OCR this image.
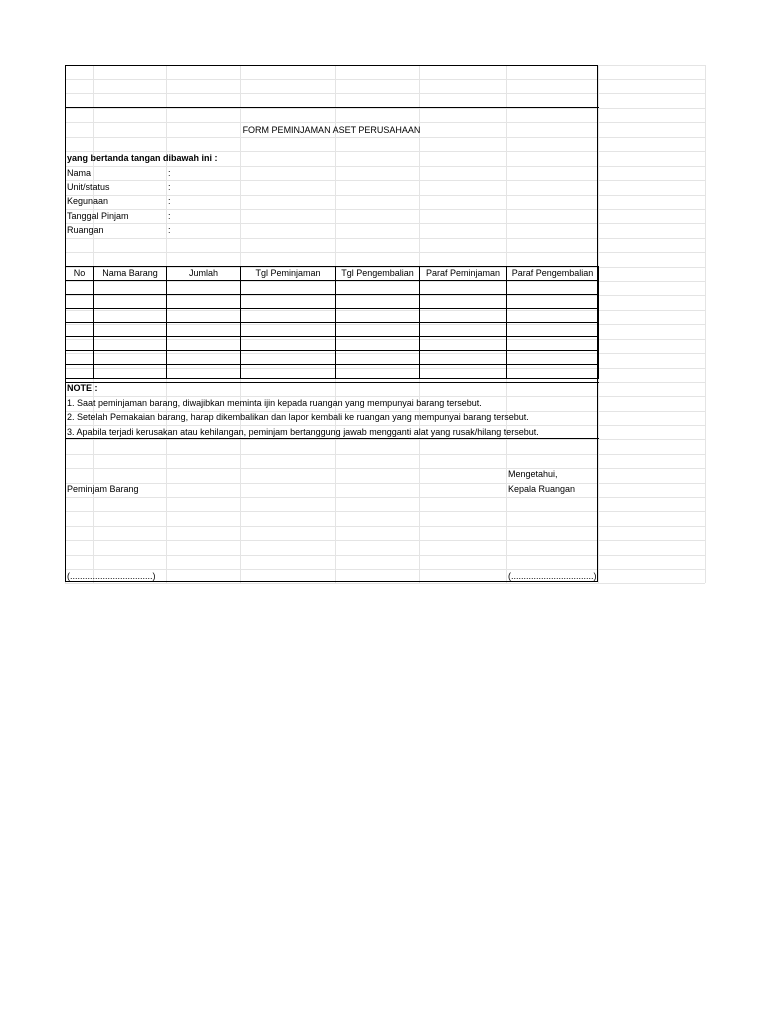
FORM PEMINJAMAN ASET PERUSAHAAN
yang bertanda tangan dibawah ini :
Nama	:
Unit/status	:
Kegunaan	:
Tanggal Pinjam	:
Ruangan	:
No	Nama Barang	Jumlah	Tgl Peminjaman	Tgl Pengembalian	Paraf Peminjaman	Paraf Pengembalian

NOTE :
1. Saat peminjaman barang, diwajibkan meminta ijin kepada ruangan yang mempunyai barang tersebut.
2. Setelah Pemakaian barang, harap dikembalikan dan lapor kembali ke ruangan yang mempunyai barang tersebut.
3. Apabila terjadi kerusakan atau kehilangan, peminjam bertanggung jawab mengganti alat yang rusak/hilang tersebut.
Mengetahui,
Peminjam Barang	Kepala Ruangan
(.................................)	(.................................)
